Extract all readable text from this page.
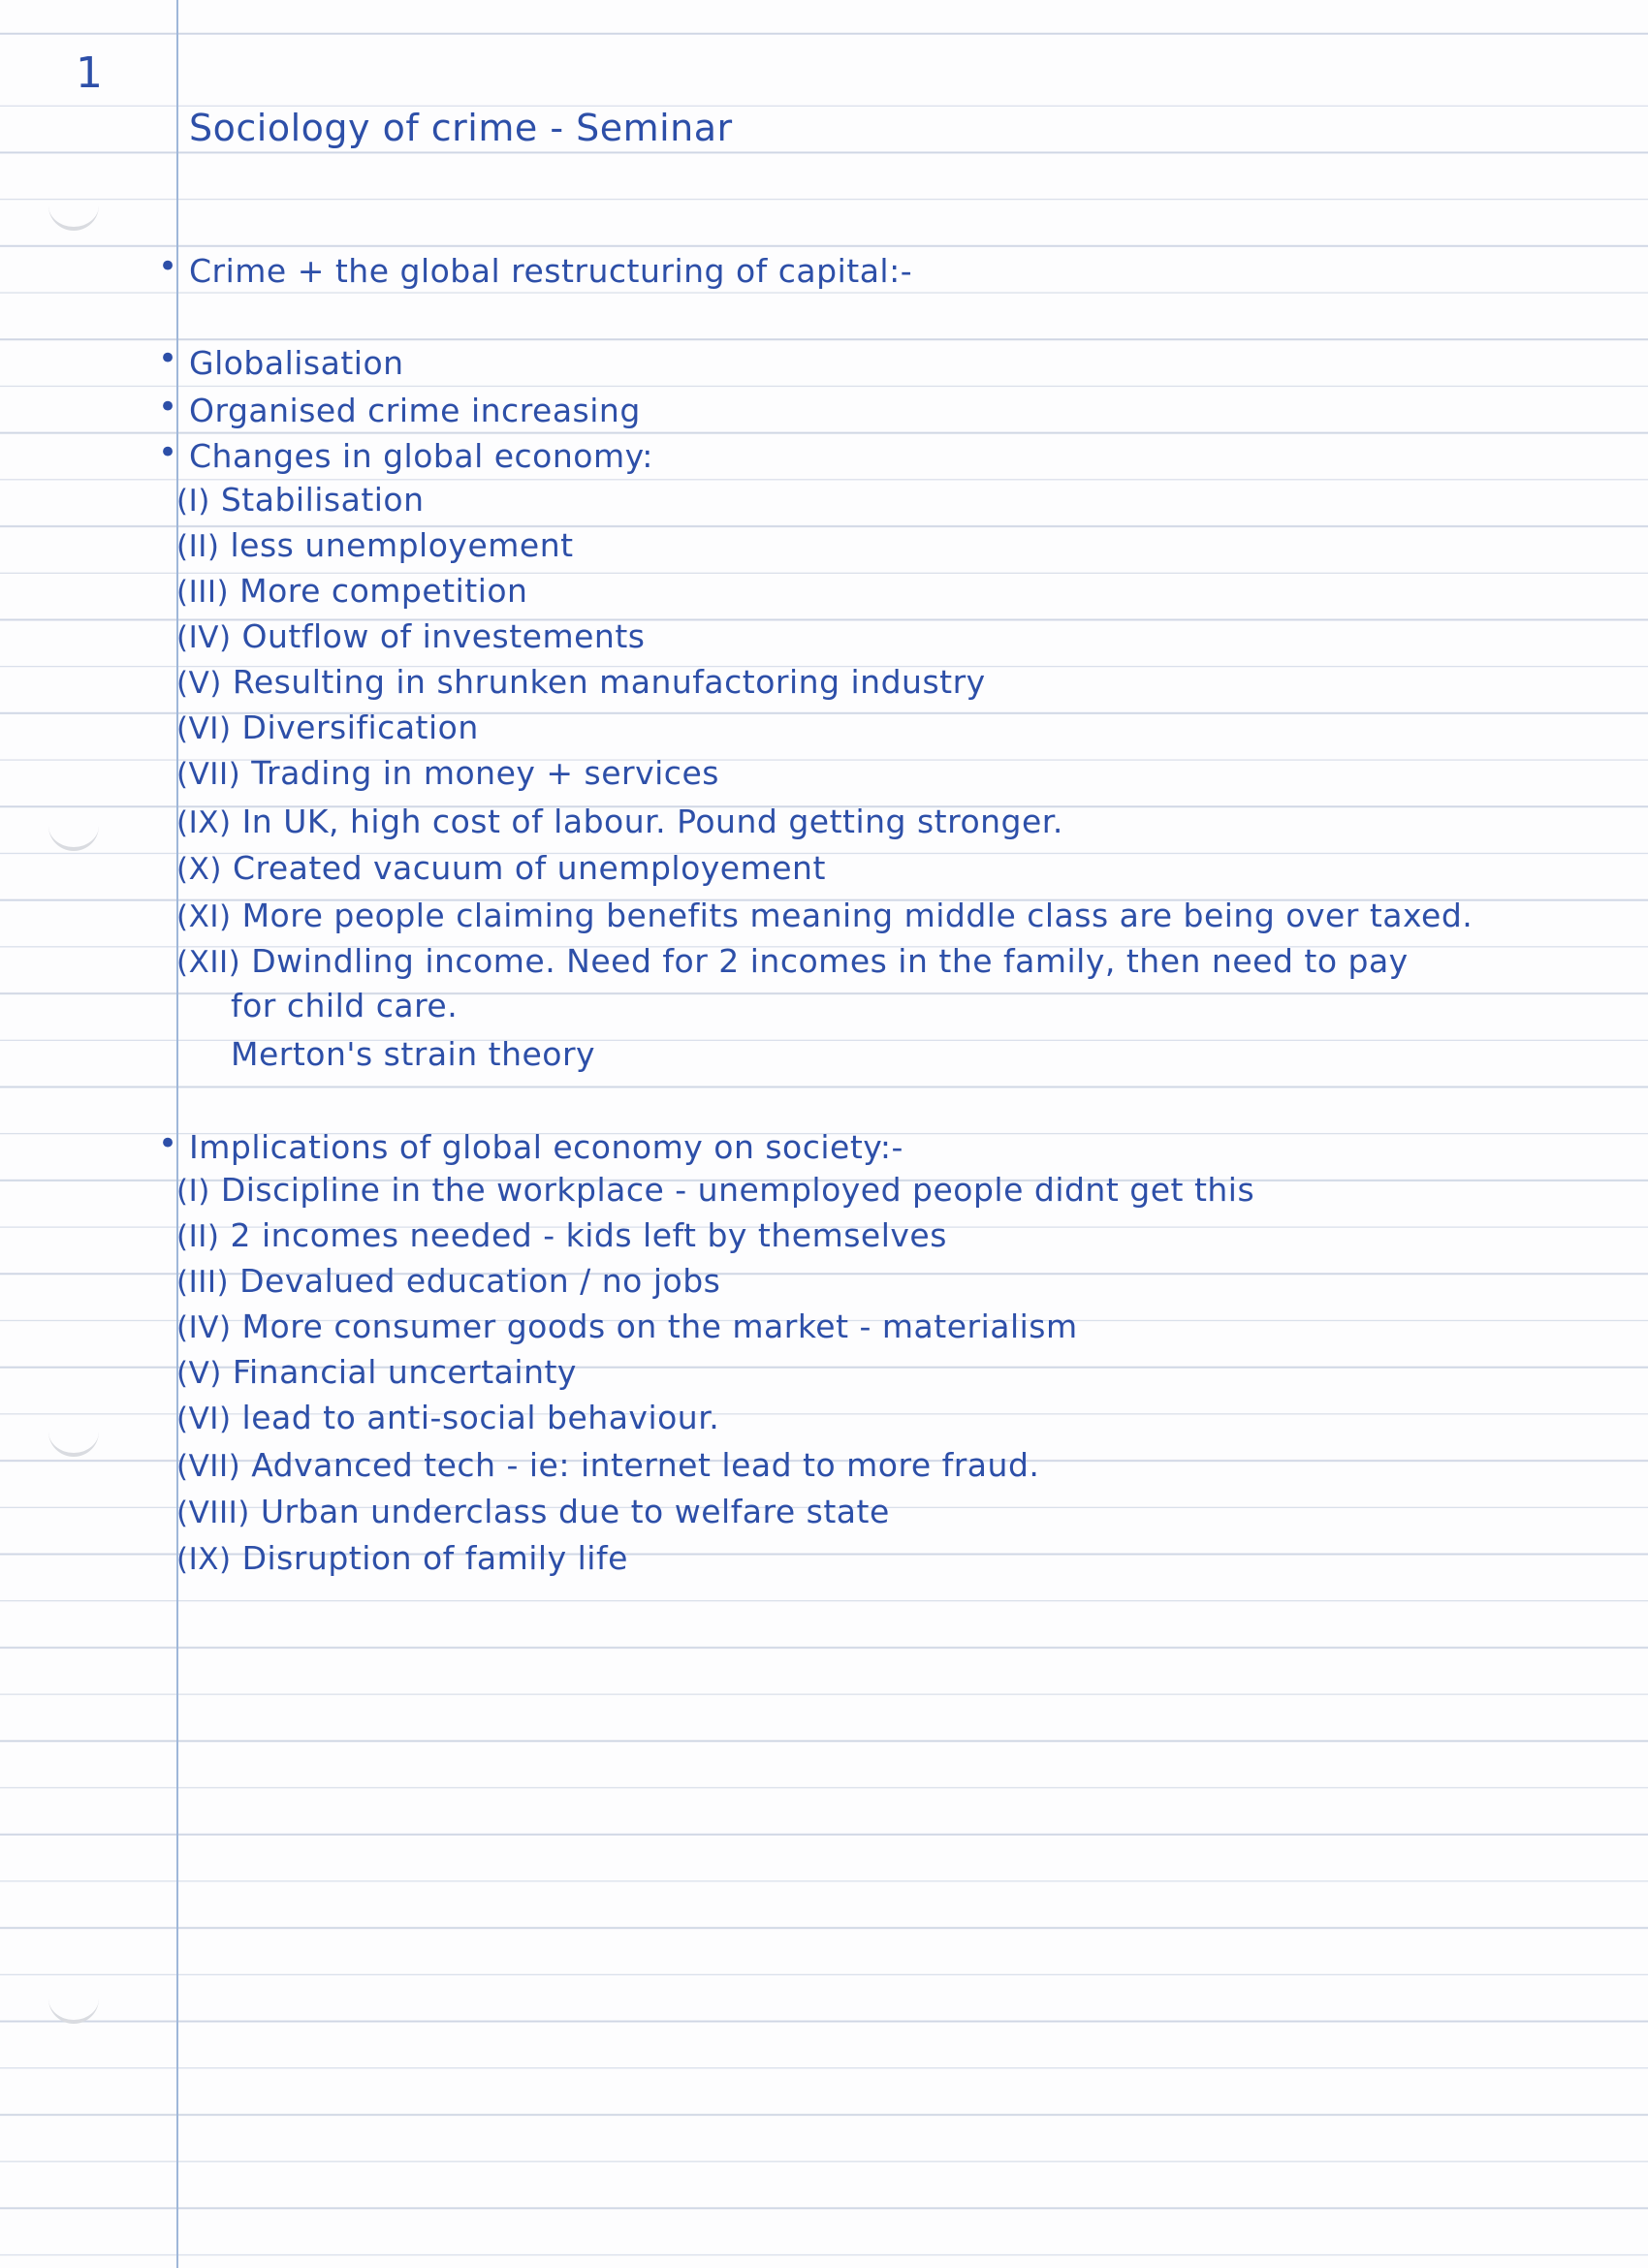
1
Sociology of crime - Seminar
• Crime + the global restructuring of capital:-
• Globalisation
• Organised crime increasing
• Changes in global economy:
(I) Stabilisation
(II) less unemployement
(III) More competition
(IV) Outflow of investements
(V) Resulting in shrunken manufactoring industry
(VI) Diversification
(VII) Trading in money + services
(IX) In UK, high cost of labour. Pound getting stronger.
(X) Created vacuum of unemployement
(XI) More people claiming benefits meaning middle class are being over taxed.
(XII) Dwindling income. Need for 2 incomes in the family, then need to pay
for child care.
Merton's strain theory
• Implications of global economy on society:-
(I) Discipline in the workplace - unemployed people didnt get this
(II) 2 incomes needed - kids left by themselves
(III) Devalued education / no jobs
(IV) More consumer goods on the market - materialism
(V) Financial uncertainty
(VI) lead to anti-social behaviour.
(VII) Advanced tech - ie: internet lead to more fraud.
(VIII) Urban underclass due to welfare state
(IX) Disruption of family life
